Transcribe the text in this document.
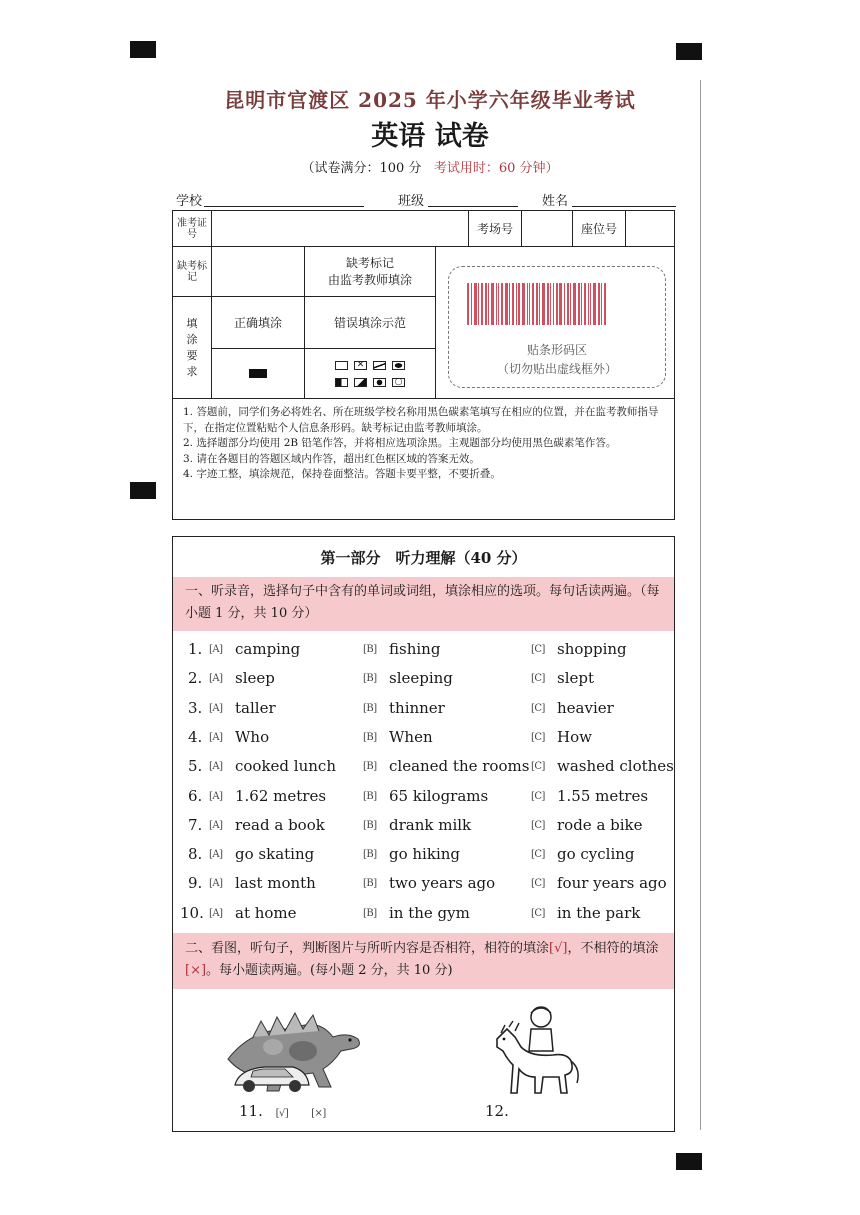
昆明市官渡区 2025 年小学六年级毕业考试
英语 试卷
（试卷满分：100 分 考试用时：60 分钟）
学校	班级	姓名
准考证号				考场号		座位号	
缺考标记		缺考标记
由监考教师填涂					
填涂要求	正确填涂	错误填涂示范					
		✕
○					
贴条形码区
（切勿贴出虚线框外）

1. 答题前，同学们务必将姓名、所在班级学校名称用黑色碳素笔填写在相应的位置，并在监考教师指导下，在指定位置粘贴个人信息条形码。缺考标记由监考教师填涂。

2. 选择题部分均使用 2B 铅笔作答，并将相应选项涂黑。主观题部分均使用黑色碳素笔作答。

3. 请在各题目的答题区域内作答，超出红色框区域的答案无效。

4. 字迹工整，填涂规范，保持卷面整洁。答题卡要平整，不要折叠。

第一部分　听力理解（40 分）
一、听录音，选择句子中含有的单词或词组，填涂相应的选项。每句话读两遍。（每小题 1 分，共 10 分）
1. [A] camping	[B] fishing	[C] shopping
2. [A] sleep	[B] sleeping	[C] slept
3. [A] taller	[B] thinner	[C] heavier
4. [A] Who	[B] When	[C] How
5. [A] cooked lunch	[B] cleaned the rooms [C] washed clothes
6. [A] 1.62 metres	[B] 65 kilograms	[C] 1.55 metres
7. [A] read a book	[B] drank milk	[C] rode a bike
8. [A] go skating	[B] go hiking	[C] go cycling
9. [A] last month	[B] two years ago	[C] four years ago
10. [A] at home	[B] in the gym	[C] in the park
二、看图，听句子，判断图片与所听内容是否相符，相符的填涂[√]，不相符的填涂[×]。每小题读两遍。(每小题 2 分，共 10 分)
11. [√] [×]	12.
